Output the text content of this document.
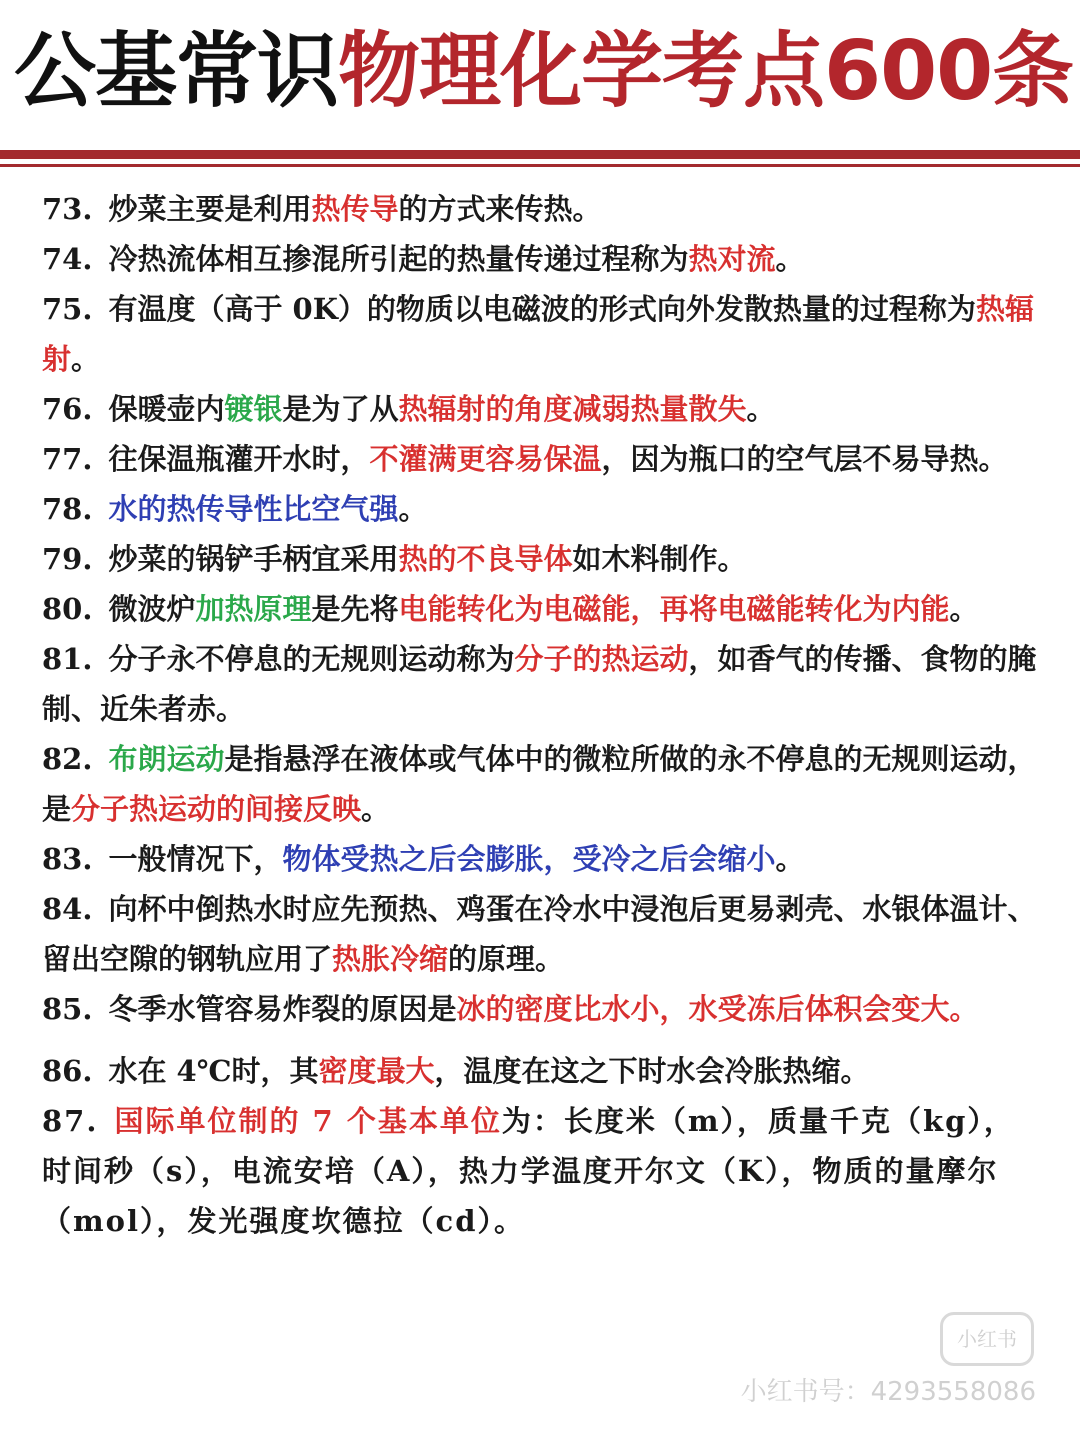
公基常识物理化学考点600条

73. 炒菜主要是利用热传导的方式来传热。

74. 冷热流体相互掺混所引起的热量传递过程称为热对流。

75. 有温度（高于 0K）的物质以电磁波的形式向外发散热量的过程称为热辐射。

76. 保暖壶内镀银是为了从热辐射的角度减弱热量散失。

77. 往保温瓶灌开水时，不灌满更容易保温，因为瓶口的空气层不易导热。

78. 水的热传导性比空气强。

79. 炒菜的锅铲手柄宜采用热的不良导体如木料制作。

80. 微波炉加热原理是先将电能转化为电磁能，再将电磁能转化为内能。

81. 分子永不停息的无规则运动称为分子的热运动，如香气的传播、食物的腌制、近朱者赤。

82. 布朗运动是指悬浮在液体或气体中的微粒所做的永不停息的无规则运动，是分子热运动的间接反映。

83. 一般情况下，物体受热之后会膨胀，受冷之后会缩小。

84. 向杯中倒热水时应先预热、鸡蛋在冷水中浸泡后更易剥壳、水银体温计、留出空隙的钢轨应用了热胀冷缩的原理。

85. 冬季水管容易炸裂的原因是冰的密度比水小，水受冻后体积会变大。

86. 水在 4℃时，其密度最大，温度在这之下时水会冷胀热缩。

87. 国际单位制的 7 个基本单位为：长度米（m），质量千克（kg），时间秒（s），电流安培（A），热力学温度开尔文（K），物质的量摩尔（mol），发光强度坎德拉（cd）。

小红书
小红书号：4293558086
